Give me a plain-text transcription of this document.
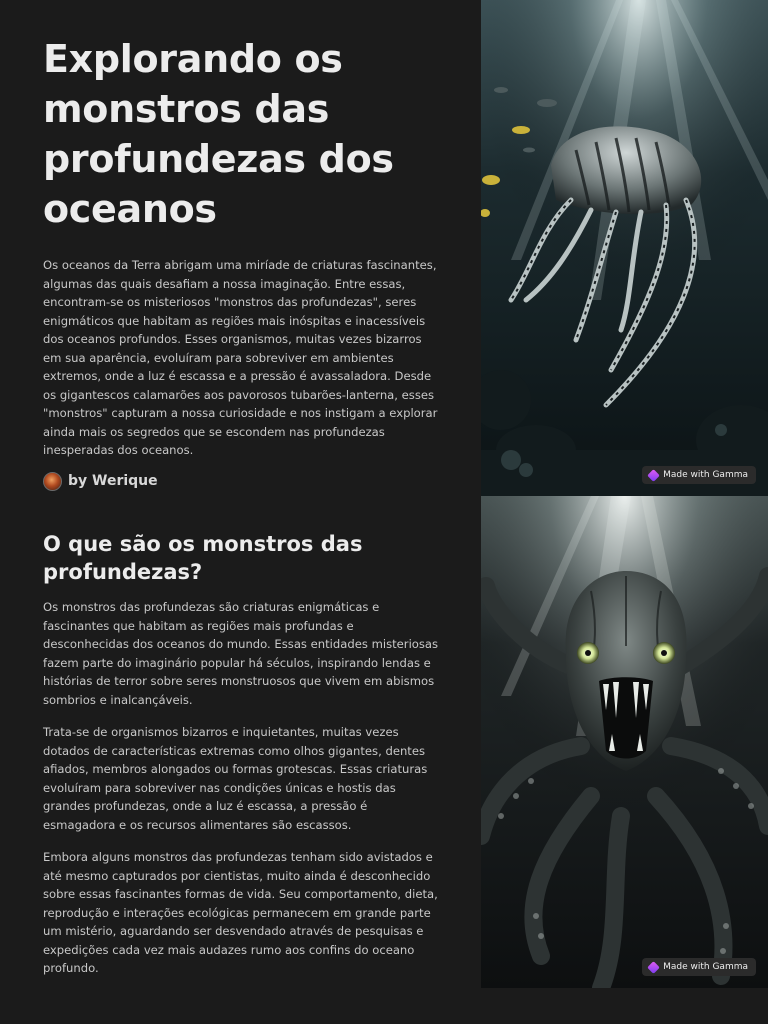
Explorando os monstros das profundezas dos oceanos

Os oceanos da Terra abrigam uma miríade de criaturas fascinantes, algumas das quais desafiam a nossa imaginação. Entre essas, encontram-se os misteriosos "monstros das profundezas", seres enigmáticos que habitam as regiões mais inóspitas e inacessíveis dos oceanos profundos. Esses organismos, muitas vezes bizarros em sua aparência, evoluíram para sobreviver em ambientes extremos, onde a luz é escassa e a pressão é avassaladora. Desde os gigantescos calamarões aos pavorosos tubarões-lanterna, esses "monstros" capturam a nossa curiosidade e nos instigam a explorar ainda mais os segredos que se escondem nas profundezas inesperadas dos oceanos.

by Werique	Made with Gamma
O que são os monstros das profundezas?

Os monstros das profundezas são criaturas enigmáticas e fascinantes que habitam as regiões mais profundas e desconhecidas dos oceanos do mundo. Essas entidades misteriosas fazem parte do imaginário popular há séculos, inspirando lendas e histórias de terror sobre seres monstruosos que vivem em abismos sombrios e inalcançáveis.

Trata-se de organismos bizarros e inquietantes, muitas vezes dotados de características extremas como olhos gigantes, dentes afiados, membros alongados ou formas grotescas. Essas criaturas evoluíram para sobreviver nas condições únicas e hostis das grandes profundezas, onde a luz é escassa, a pressão é esmagadora e os recursos alimentares são escassos.

Embora alguns monstros das profundezas tenham sido avistados e até mesmo capturados por cientistas, muito ainda é desconhecido sobre essas fascinantes formas de vida. Seu comportamento, dieta, reprodução e interações ecológicas permanecem em grande parte um mistério, aguardando ser desvendado através de pesquisas e expedições cada vez mais audazes rumo aos confins do oceano profundo.	Made with Gamma
